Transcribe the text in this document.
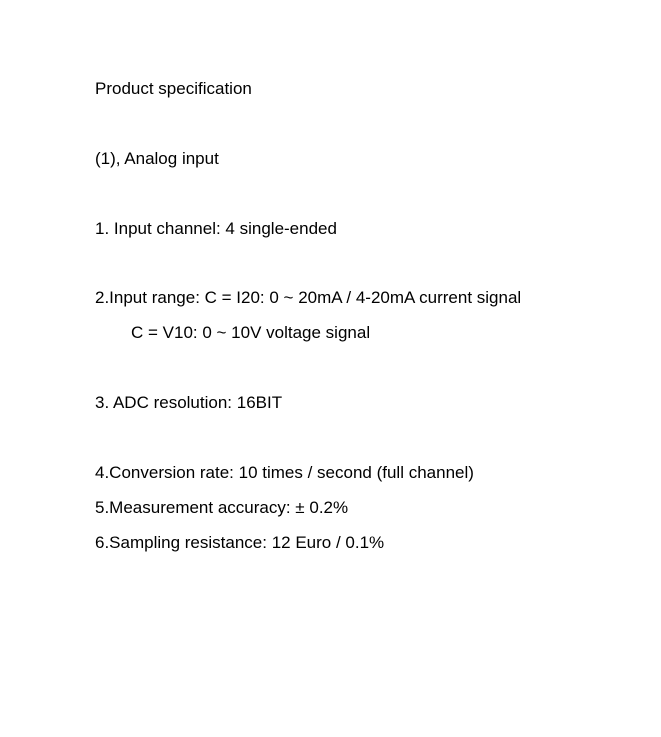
Product specification
(1), Analog input
1. Input channel: 4 single-ended
2.Input range: C = I20: 0 ~ 20mA / 4-20mA current signal
C = V10: 0 ~ 10V voltage signal
3. ADC resolution: 16BIT
4.Conversion rate: 10 times / second (full channel)
5.Measurement accuracy: ± 0.2%
6.Sampling resistance: 12 Euro / 0.1%
